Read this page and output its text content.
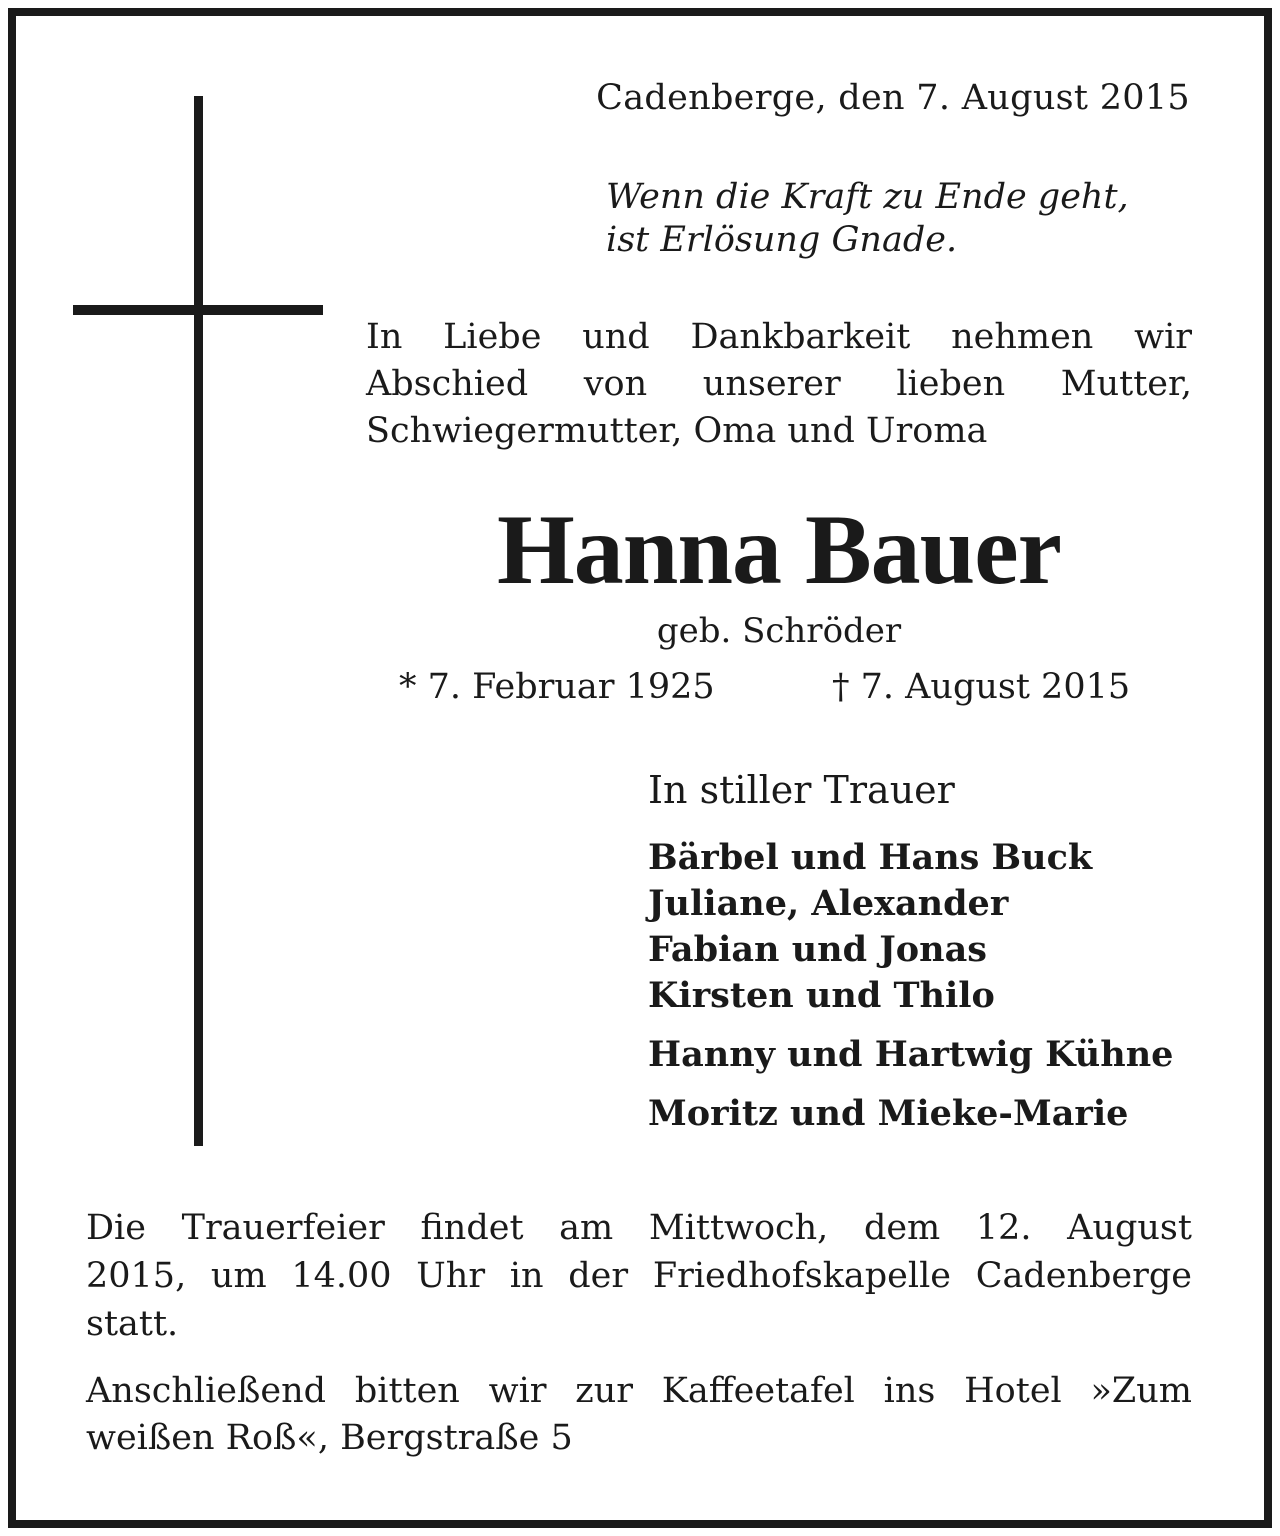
Cadenberge, den 7. August 2015
Wenn die Kraft zu Ende geht,
ist Erlösung Gnade.
In Liebe und Dankbarkeit nehmen wir
Abschied von unserer lieben Mutter,
Schwiegermutter, Oma und Uroma
Hanna Bauer
geb. Schröder
* 7. Februar 1925	† 7. August 2015
In stiller Trauer
Bärbel und Hans Buck
Juliane, Alexander
Fabian und Jonas
Kirsten und Thilo
Hanny und Hartwig Kühne
Moritz und Mieke-Marie
Die Trauerfeier findet am Mittwoch, dem 12. August
2015, um 14.00 Uhr in der Friedhofskapelle Cadenberge
statt.
Anschließend bitten wir zur Kaffeetafel ins Hotel »Zum
weißen Roß«, Bergstraße 5
